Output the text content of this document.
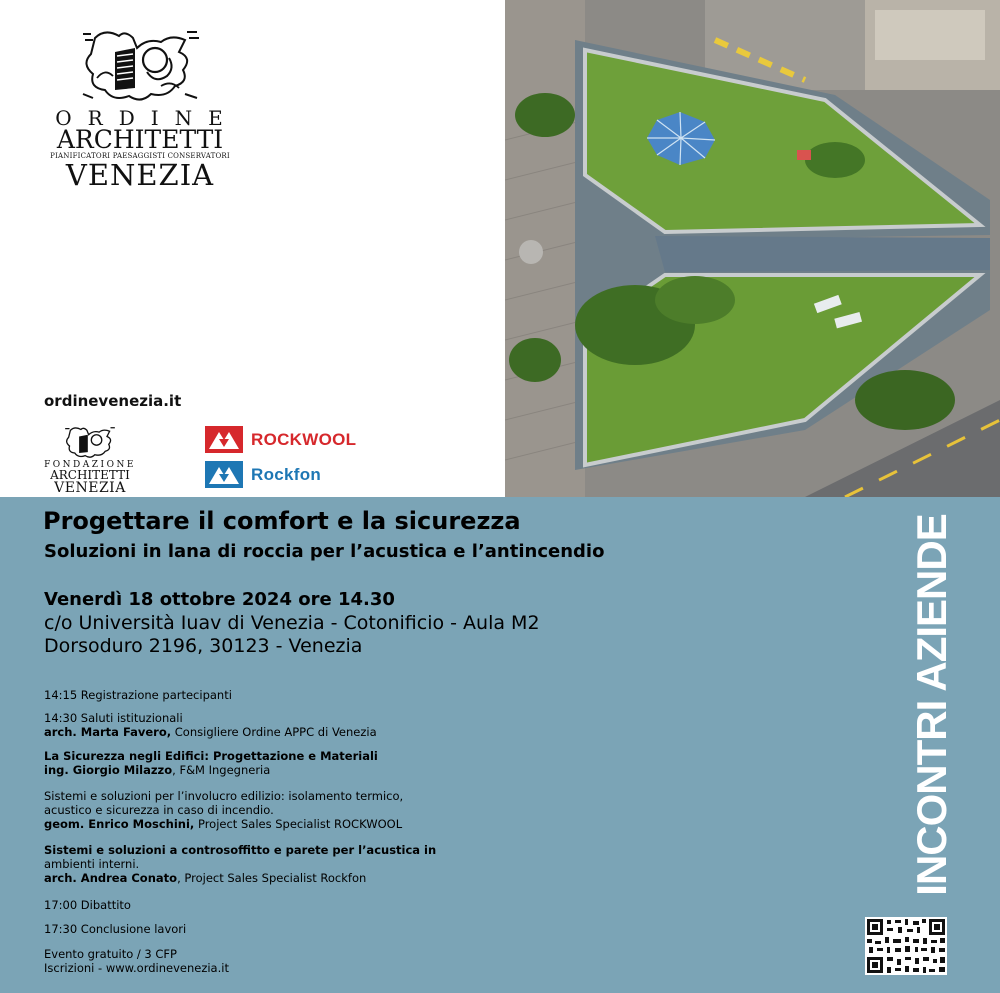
ORDINE
ARCHITETTI
PIANIFICATORI PAESAGGISTI CONSERVATORI
VENEZIA
ordinevenezia.it
FONDAZIONE
ARCHITETTI
VENEZIA
ROCKWOOL
Rockfon
Progettare il comfort e la sicurezza
Soluzioni in lana di roccia per l’acustica e l’antincendio
Venerdì 18 ottobre 2024 ore 14.30
c/o Università Iuav di Venezia - Cotonificio - Aula M2
Dorsoduro 2196, 30123 - Venezia
14:15 Registrazione partecipanti
14:30 Saluti istituzionali
arch. Marta Favero, Consigliere Ordine APPC di Venezia
La Sicurezza negli Edifici: Progettazione e Materiali
ing. Giorgio Milazzo, F&M Ingegneria
Sistemi e soluzioni per l’involucro edilizio: isolamento termico,
acustico e sicurezza in caso di incendio.
geom. Enrico Moschini, Project Sales Specialist ROCKWOOL
Sistemi e soluzioni a controsoffitto e parete per l’acustica in
ambienti interni.
arch. Andrea Conato, Project Sales Specialist Rockfon
17:00 Dibattito
17:30 Conclusione lavori
Evento gratuito / 3 CFP
Iscrizioni - www.ordinevenezia.it
INCONTRI AZIENDE
